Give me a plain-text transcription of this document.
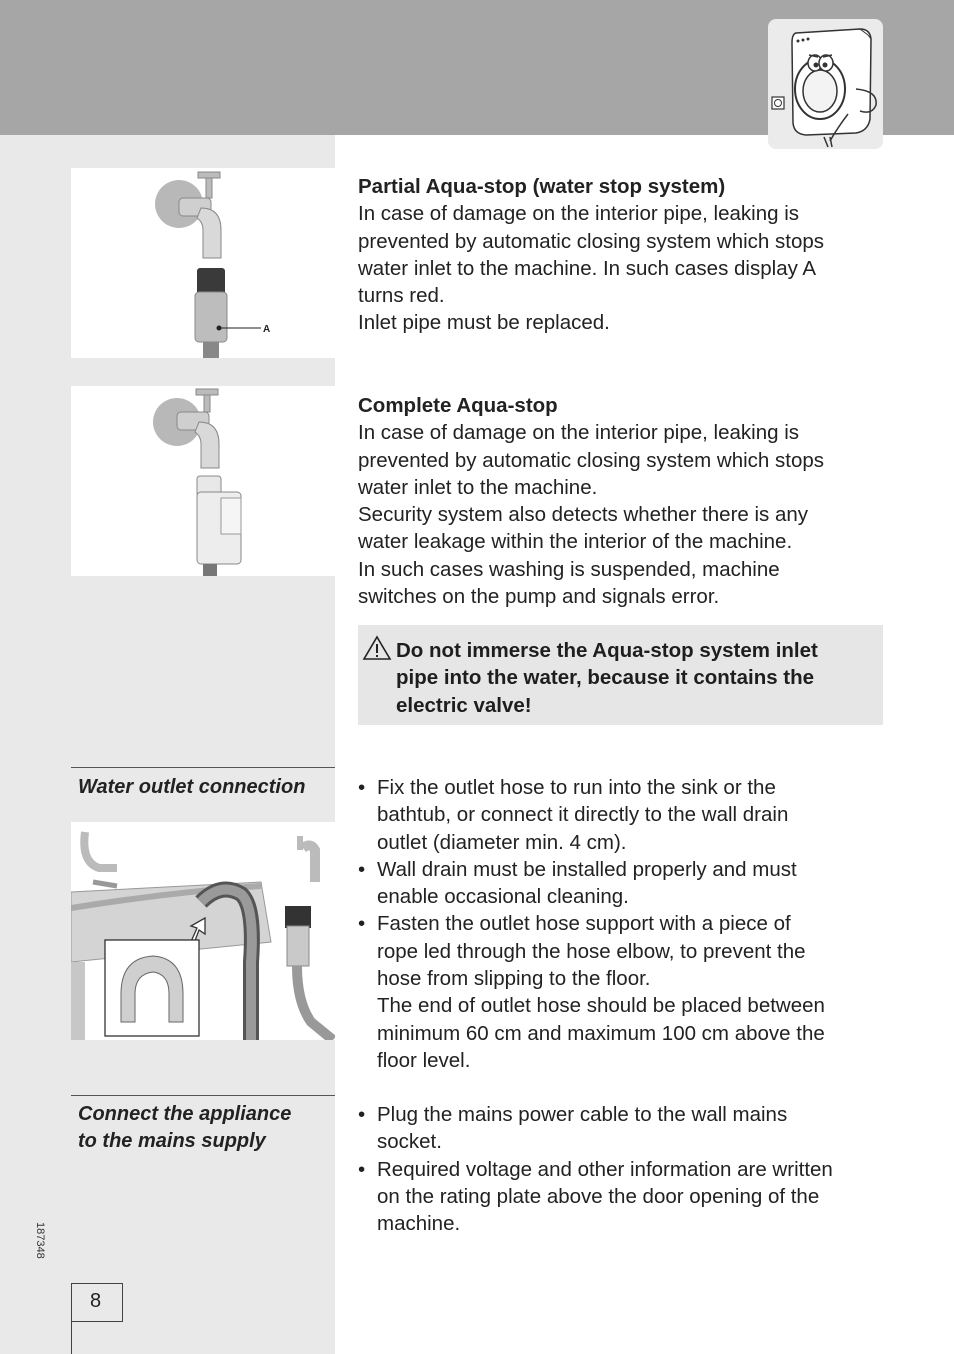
A
Partial Aqua-stop (water stop system)
In case of damage on the interior pipe, leaking is
prevented by automatic closing system which stops
water inlet to the machine. In such cases display A
turns red.
Inlet pipe must be replaced.
Complete Aqua-stop
In case of damage on the interior pipe, leaking is
prevented by automatic closing system which stops
water inlet to the machine.
Security system also detects whether there is any
water leakage within the interior of the machine.
In such cases washing is suspended, machine
switches on the pump and signals error.
Do not immerse the Aqua-stop system inlet
pipe into the water, because it contains the
electric valve!
Water outlet connection	• Fix the outlet hose to run into the sink or the
bathtub, or connect it directly to the wall drain
outlet (diameter min. 4 cm).
• Wall drain must be installed properly and must
enable occasional cleaning.
• Fasten the outlet hose support with a piece of
rope led through the hose elbow, to prevent the
hose from slipping to the floor.
The end of outlet hose should be placed between
minimum 60 cm and maximum 100 cm above the
floor level.
Connect the appliance
to the mains supply
• Plug the mains power cable to the wall mains
socket.
• Required voltage and other information are written
on the rating plate above the door opening of the
machine.
187348
8
